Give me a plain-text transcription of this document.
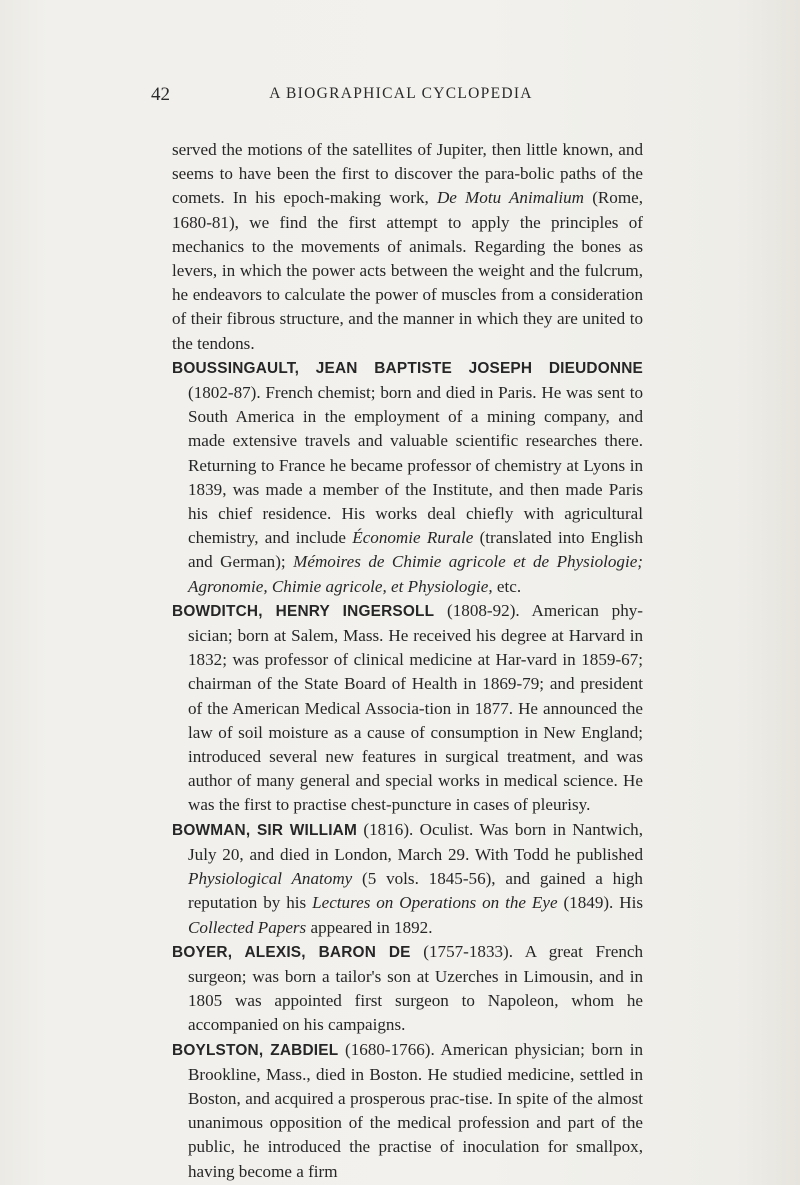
42	A BIOGRAPHICAL CYCLOPEDIA

served the motions of the satellites of Jupiter, then little known, and seems to have been the first to discover the para-bolic paths of the comets. In his epoch-making work, De Motu Animalium (Rome, 1680-81), we find the first attempt to apply the principles of mechanics to the movements of animals. Regarding the bones as levers, in which the power acts between the weight and the fulcrum, he endeavors to calculate the power of muscles from a consideration of their fibrous structure, and the manner in which they are united to the tendons.

BOUSSINGAULT, JEAN BAPTISTE JOSEPH DIEUDONNE (1802-87). French chemist; born and died in Paris. He was sent to South America in the employment of a mining company, and made extensive travels and valuable scientific researches there. Returning to France he became professor of chemistry at Lyons in 1839, was made a member of the Institute, and then made Paris his chief residence. His works deal chiefly with agricultural chemistry, and include Économie Rurale (translated into English and German); Mémoires de Chimie agricole et de Physiologie; Agronomie, Chimie agricole, et Physiologie, etc.

BOWDITCH, HENRY INGERSOLL (1808-92). American phy-sician; born at Salem, Mass. He received his degree at Harvard in 1832; was professor of clinical medicine at Har-vard in 1859-67; chairman of the State Board of Health in 1869-79; and president of the American Medical Associa-tion in 1877. He announced the law of soil moisture as a cause of consumption in New England; introduced several new features in surgical treatment, and was author of many general and special works in medical science. He was the first to practise chest-puncture in cases of pleurisy.

BOWMAN, SIR WILLIAM (1816). Oculist. Was born in Nantwich, July 20, and died in London, March 29. With Todd he published Physiological Anatomy (5 vols. 1845-56), and gained a high reputation by his Lectures on Operations on the Eye (1849). His Collected Papers appeared in 1892.

BOYER, ALEXIS, BARON DE (1757-1833). A great French surgeon; was born a tailor's son at Uzerches in Limousin, and in 1805 was appointed first surgeon to Napoleon, whom he accompanied on his campaigns.

BOYLSTON, ZABDIEL (1680-1766). American physician; born in Brookline, Mass., died in Boston. He studied medicine, settled in Boston, and acquired a prosperous prac-tise. In spite of the almost unanimous opposition of the medical profession and part of the public, he introduced the practise of inoculation for smallpox, having become a firm
